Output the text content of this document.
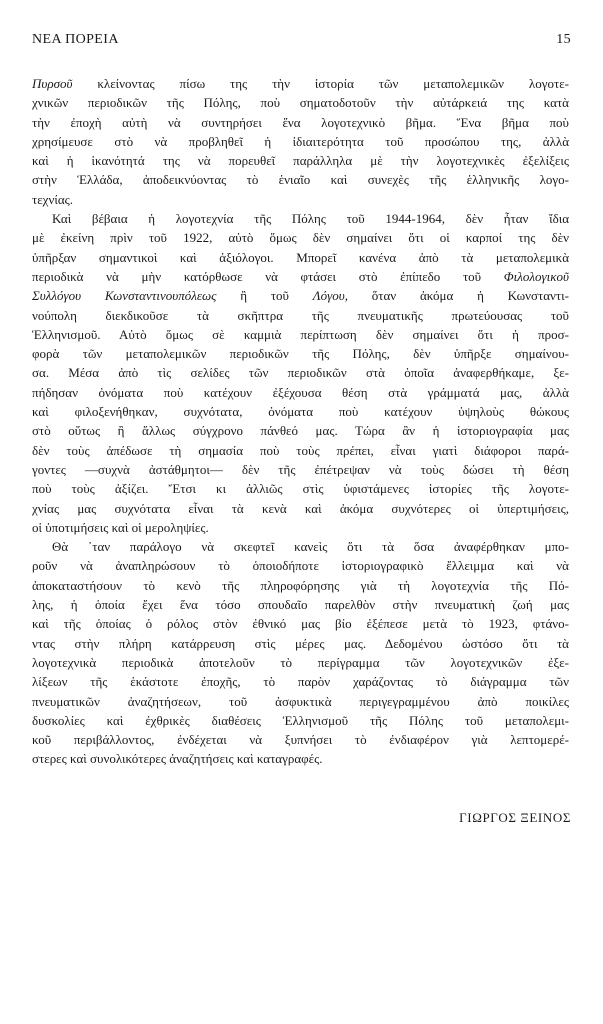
ΝΕΑ ΠΟΡΕΙΑ	15
Πυρσοῦ κλείνοντας πίσω της τὴν ἱστορία τῶν μεταπολεμικῶν λογοτε-
χνικῶν περιοδικῶν τῆς Πόλης, ποὺ σηματοδοτοῦν τὴν αὐτάρκειά της κατὰ
τὴν ἐποχὴ αὐτὴ νὰ συντηρήσει ἕνα λογοτεχνικὸ βῆμα. Ἕνα βῆμα ποὺ
χρησίμευσε στὸ νὰ προβληθεῖ ἡ ἰδιαιτερότητα τοῦ προσώπου της, ἀλλὰ
καὶ ἡ ἱκανότητά της νὰ πορευθεῖ παράλληλα μὲ τὴν λογοτεχνικὲς ἐξελίξεις
στὴν Ἑλλάδα, ἀποδεικνύοντας τὸ ἑνιαῖο καὶ συνεχὲς τῆς ἑλληνικῆς λογο-
τεχνίας.
Καὶ βέβαια ἡ λογοτεχνία τῆς Πόλης τοῦ 1944-1964, δὲν ἦταν ἴδια
μὲ ἐκείνη πρὶν τοῦ 1922, αὐτὸ ὅμως δὲν σημαίνει ὅτι οἱ καρποί της δὲν
ὑπῆρξαν σημαντικοὶ καὶ ἀξιόλογοι. Μπορεῖ κανένα ἀπὸ τὰ μεταπολεμικὰ
περιοδικὰ νὰ μὴν κατόρθωσε νὰ φτάσει στὸ ἐπίπεδο τοῦ Φιλολογικοῦ
Συλλόγου Κωνσταντινουπόλεως ἢ τοῦ Λόγου, ὅταν ἀκόμα ἡ Κωνσταντι-
νούπολη διεκδικοῦσε τὰ σκῆπτρα τῆς πνευματικῆς πρωτεύουσας τοῦ
Ἑλληνισμοῦ. Αὐτὸ ὅμως σὲ καμμιὰ περίπτωση δὲν σημαίνει ὅτι ἡ προσ-
φορὰ τῶν μεταπολεμικῶν περιοδικῶν τῆς Πόλης, δὲν ὑπῆρξε σημαίνου-
σα. Μέσα ἀπὸ τὶς σελίδες τῶν περιοδικῶν στὰ ὁποῖα ἀναφερθήκαμε, ξε-
πήδησαν ὀνόματα ποὺ κατέχουν ἐξέχουσα θέση στὰ γράμματά μας, ἀλλὰ
καὶ φιλοξενήθηκαν, συχνότατα, ὀνόματα ποὺ κατέχουν ὑψηλοὺς θώκους
στὸ οὕτως ἢ ἄλλως σύγχρονο πάνθεό μας. Τώρα ἂν ἡ ἱστοριογραφία μας
δὲν τοὺς ἀπέδωσε τὴ σημασία ποὺ τοὺς πρέπει, εἶναι γιατὶ διάφοροι παρά-
γοντες —συχνὰ ἀστάθμητοι— δὲν τῆς ἐπέτρεψαν νὰ τοὺς δώσει τὴ θέση
ποὺ τοὺς ἀξίζει. Ἔτσι κι ἀλλιῶς στὶς ὑφιστάμενες ἱστορίες τῆς λογοτε-
χνίας μας συχνότατα εἶναι τὰ κενὰ καὶ ἀκόμα συχνότερες οἱ ὑπερτιμήσεις,
οἱ ὑποτιμήσεις καὶ οἱ μεροληψίες.
Θὰ ᾽ταν παράλογο νὰ σκεφτεῖ κανεὶς ὅτι τὰ ὅσα ἀναφέρθηκαν μπο-
ροῦν νὰ ἀναπληρώσουν τὸ ὁποιοδήποτε ἱστοριογραφικὸ ἔλλειμμα καὶ νὰ
ἀποκαταστήσουν τὸ κενὸ τῆς πληροφόρησης γιὰ τὴ λογοτεχνία τῆς Πό-
λης, ἡ ὁποία ἔχει ἕνα τόσο σπουδαῖο παρελθὸν στὴν πνευματικὴ ζωή μας
καὶ τῆς ὁποίας ὁ ρόλος στὸν ἐθνικό μας βίο ἐξέπεσε μετὰ τὸ 1923, φτάνο-
ντας στὴν πλήρη κατάρρευση στὶς μέρες μας. Δεδομένου ὡστόσο ὅτι τὰ
λογοτεχνικὰ περιοδικὰ ἀποτελοῦν τὸ περίγραμμα τῶν λογοτεχνικῶν ἐξε-
λίξεων τῆς ἑκάστοτε ἐποχῆς, τὸ παρὸν χαράζοντας τὸ διάγραμμα τῶν
πνευματικῶν ἀναζητήσεων, τοῦ ἀσφυκτικὰ περιγεγραμμένου ἀπὸ ποικίλες
δυσκολίες καὶ ἐχθρικὲς διαθέσεις Ἑλληνισμοῦ τῆς Πόλης τοῦ μεταπολεμι-
κοῦ περιβάλλοντος, ἐνδέχεται νὰ ξυπνήσει τὸ ἐνδιαφέρον γιὰ λεπτομερέ-
στερες καὶ συνολικότερες ἀναζητήσεις καὶ καταγραφές.
ΓΙΩΡΓΟΣ ΞΕΙΝΟΣ
